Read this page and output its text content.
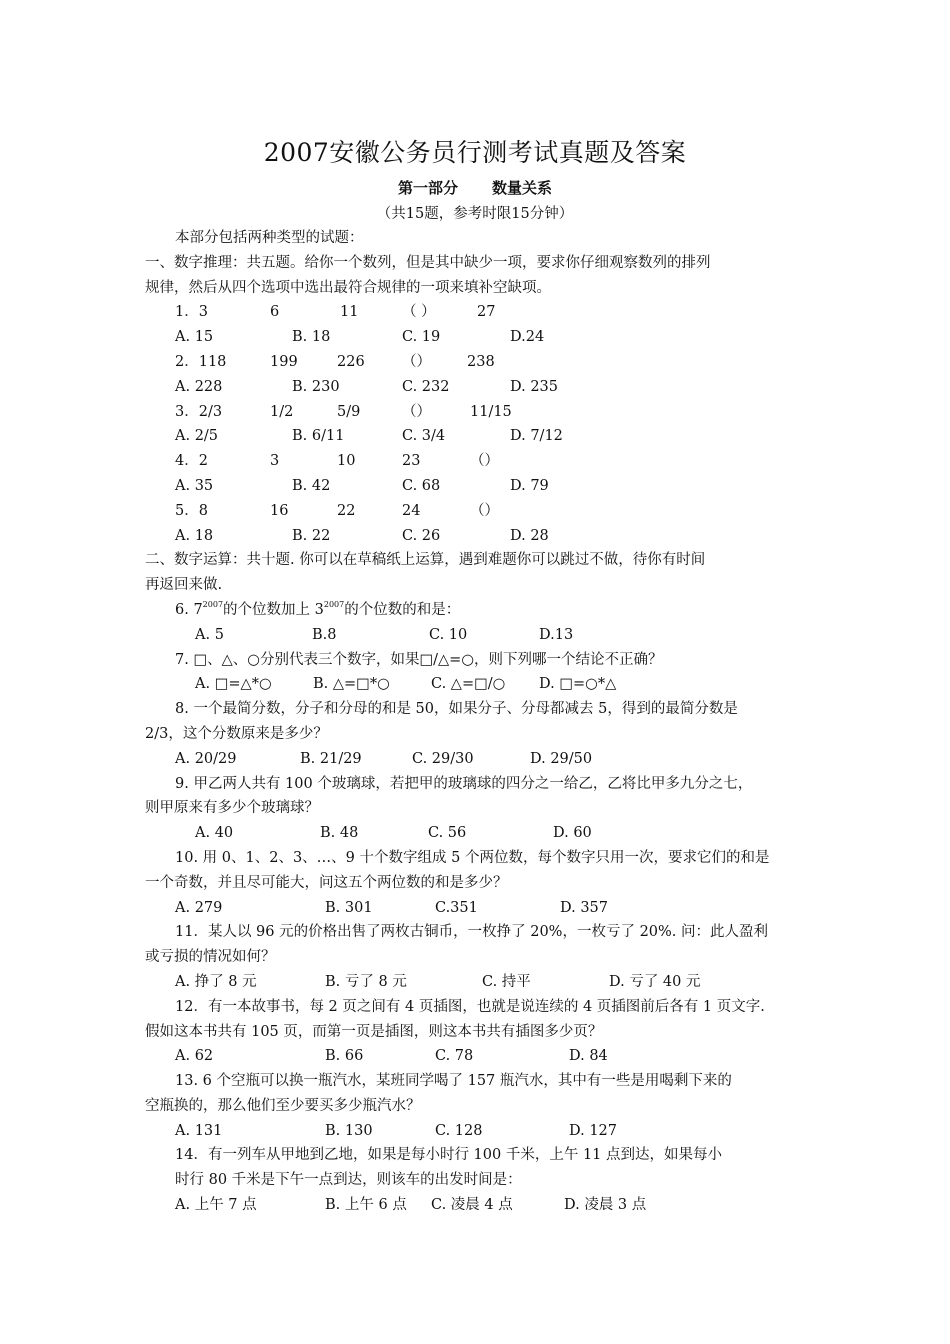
2007安徽公务员行测考试真题及答案
第一部分 数量关系
（共15题，参考时限15分钟）
本部分包括两种类型的试题：
一、数字推理：共五题。给你一个数列，但是其中缺少一项，要求你仔细观察数列的排列
规律，然后从四个选项中选出最符合规律的一项来填补空缺项。
1．3	6	11	（ ）	27
A. 15	B. 18	C. 19	D.24
2．118	199	226	（） 238
A. 228	B. 230	C. 232	D. 235
3．2/3	1/2	5/9	（）	11/15
A. 2/5	B. 6/11	C. 3/4	D. 7/12
4．2	3	10	23	（）
A. 35	B. 42	C. 68	D. 79
5．8	16	22	24	（）
A. 18	B. 22	C. 26	D. 28
二、数字运算：共十题. 你可以在草稿纸上运算，遇到难题你可以跳过不做，待你有时间
再返回来做.
6. $7^{2007}$的个位数加上 $3^{2007}$的个位数的和是：
A. 5	B.8	C. 10	D.13
7. □、△、○分别代表三个数字，如果□/△=○，则下列哪一个结论不正确？
A. □=△*○	B. △=□*○	C. △=□/○ D. □=○*△
8. 一个最简分数，分子和分母的和是 50，如果分子、分母都减去 5，得到的最简分数是
2/3，这个分数原来是多少？
A. 20/29	B. 21/29	C. 29/30	D. 29/50
9. 甲乙两人共有 100 个玻璃球，若把甲的玻璃球的四分之一给乙，乙将比甲多九分之七，
则甲原来有多少个玻璃球？
A. 40	B. 48	C. 56	D. 60
10. 用 0、1、2、3、…、9 十个数字组成 5 个两位数，每个数字只用一次，要求它们的和是
一个奇数，并且尽可能大，问这五个两位数的和是多少？
A. 279	B. 301	C.351	D. 357
11．某人以 96 元的价格出售了两枚古铜币，一枚挣了 20%，一枚亏了 20%. 问：此人盈利
或亏损的情况如何？
A. 挣了 8 元	B. 亏了 8 元	C. 持平	D. 亏了 40 元
12．有一本故事书，每 2 页之间有 4 页插图，也就是说连续的 4 页插图前后各有 1 页文字.
假如这本书共有 105 页，而第一页是插图，则这本书共有插图多少页？
A. 62	B. 66	C. 78	D. 84
13. 6 个空瓶可以换一瓶汽水，某班同学喝了 157 瓶汽水，其中有一些是用喝剩下来的
空瓶换的，那么他们至少要买多少瓶汽水？
A. 131	B. 130	C. 128	D. 127
14．有一列车从甲地到乙地，如果是每小时行 100 千米，上午 11 点到达，如果每小
时行 80 千米是下午一点到达，则该车的出发时间是：
A. 上午 7 点	B. 上午 6 点 C. 凌晨 4 点	D. 凌晨 3 点
